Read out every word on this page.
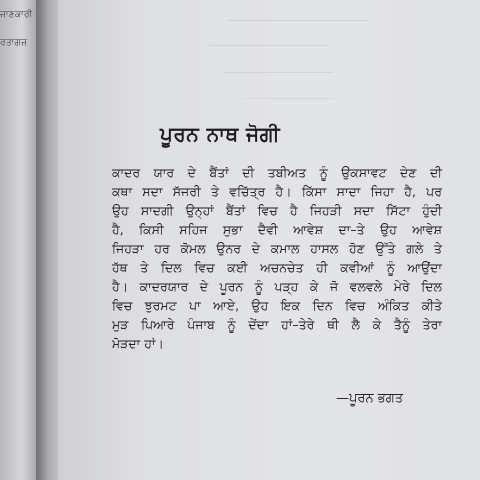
ਜਾਣਕਾਰੀ
ਰਤਾਗਜ਼
ਪੂਰਨ ਨਾਥ ਜੋਗੀ
ਕਾਦਰ ਯਾਰ ਦੇ ਬੈਂਤਾਂ ਦੀ ਤਬੀਅਤ ਨੂੰ ਉਕਸਾਵਟ ਦੇਣ ਦੀ
ਕਥਾ ਸਦਾ ਸੱਜਰੀ ਤੇ ਵਚਿੱਤ੍ਰ ਹੈ। ਕਿੱਸਾ ਸਾਦਾ ਜਿਹਾ ਹੈ, ਪਰ
ਉਹ ਸਾਦਗੀ ਉਨ੍ਹਾਂ ਬੈਂਤਾਂ ਵਿਚ ਹੈ ਜਿਹੜੀ ਸਦਾ ਸਿੱਟਾ ਹੁੰਦੀ
ਹੈ, ਕਿਸੀ ਸਹਿਜ ਸੁਭਾ ਦੈਵੀ ਆਵੇਸ਼ ਦਾ–ਤੇ ਉਹ ਆਵੇਸ਼
ਜਿਹੜਾ ਹਰ ਕੋਮਲ ਉਨਰ ਦੇ ਕਮਾਲ ਹਾਸਲ ਹੋਣ ਉੱਤੇ ਗਲੇ ਤੇ
ਹੱਥ ਤੇ ਦਿਲ ਵਿਚ ਕਈ ਅਚਨਚੇਤ ਹੀ ਕਵੀਆਂ ਨੂੰ ਆਉਂਦਾ
ਹੈ। ਕਾਦਰਯਾਰ ਦੇ ਪੂਰਨ ਨੂੰ ਪੜ੍ਹ ਕੇ ਜੋ ਵਲਵਲੇ ਮੇਰੇ ਦਿਲ
ਵਿਚ ਝੁਰਮਟ ਪਾ ਆਏ, ਉਹ ਇਕ ਦਿਨ ਵਿਚ ਅੰਕਿਤ ਕੀਤੇ
ਮੁੜ ਪਿਆਰੇ ਪੰਜਾਬ ਨੂੰ ਦੇਂਦਾ ਹਾਂ–ਤੇਰੇ ਥੀ ਲੈ ਕੇ ਤੈਨੂੰ ਤੇਰਾ
ਮੋੜਦਾ ਹਾਂ।
—ਪੂਰਨ ਭਗਤ
